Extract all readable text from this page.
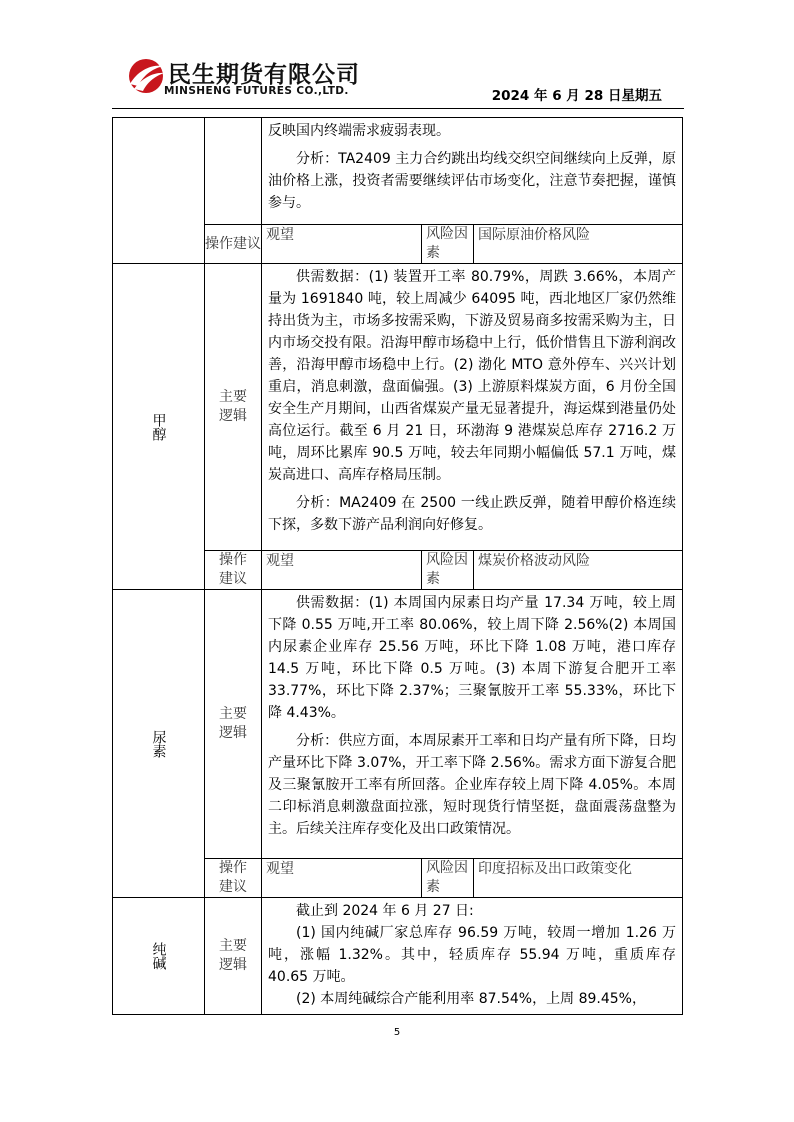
民生期货有限公司
MINSHENG FUTURES CO.,LTD.	2024 年 6 月 28 日星期五

		反映国内终端需求疲弱表现。

分析：TA2409 主力合约跳出均线交织空间继续向上反弹，原油价格上涨，投资者需要继续评估市场变化，注意节奏把握，谨慎参与。		

	操作建议	观望	风险因素	国际原油价格风险
甲醇	主要逻辑	供需数据：(1) 装置开工率 80.79%，周跌 3.66%，本周产量为 1691840 吨，较上周减少 64095 吨，西北地区厂家仍然维持出货为主，市场多按需采购，下游及贸易商多按需采购为主，日内市场交投有限。沿海甲醇市场稳中上行，低价惜售且下游利润改善，沿海甲醇市场稳中上行。(2) 渤化 MTO 意外停车、兴兴计划重启，消息刺激，盘面偏强。(3) 上游原料煤炭方面，6 月份全国安全生产月期间，山西省煤炭产量无显著提升，海运煤到港量仍处高位运行。截至 6 月 21 日，环渤海 9 港煤炭总库存 2716.2 万吨，周环比累库 90.5 万吨，较去年同期小幅偏低 57.1 万吨，煤炭高进口、高库存格局压制。

分析：MA2409 在 2500 一线止跌反弹，随着甲醇价格连续下探，多数下游产品利润向好修复。		

	操作建议	观望	风险因素	煤炭价格波动风险
尿素	主要逻辑	供需数据：(1) 本周国内尿素日均产量 17.34 万吨，较上周下降 0.55 万吨,开工率 80.06%，较上周下降 2.56%(2) 本周国内尿素企业库存 25.56 万吨，环比下降 1.08 万吨，港口库存 14.5 万吨，环比下降 0.5 万吨。(3) 本周下游复合肥开工率 33.77%，环比下降 2.37%；三聚氰胺开工率 55.33%，环比下降 4.43%。

分析：供应方面，本周尿素开工率和日均产量有所下降，日均产量环比下降 3.07%，开工率下降 2.56%。需求方面下游复合肥及三聚氰胺开工率有所回落。企业库存较上周下降 4.05%。本周二印标消息刺激盘面拉涨，短时现货行情坚挺，盘面震荡盘整为主。后续关注库存变化及出口政策情况。		

	操作建议	观望	风险因素	印度招标及出口政策变化
纯碱	主要逻辑	截止到 2024 年 6 月 27 日:

(1) 国内纯碱厂家总库存 96.59 万吨，较周一增加 1.26 万吨，涨幅 1.32%。其中，轻质库存 55.94 万吨，重质库存 40.65 万吨。

(2) 本周纯碱综合产能利用率 87.54%，上周 89.45%，		

5
